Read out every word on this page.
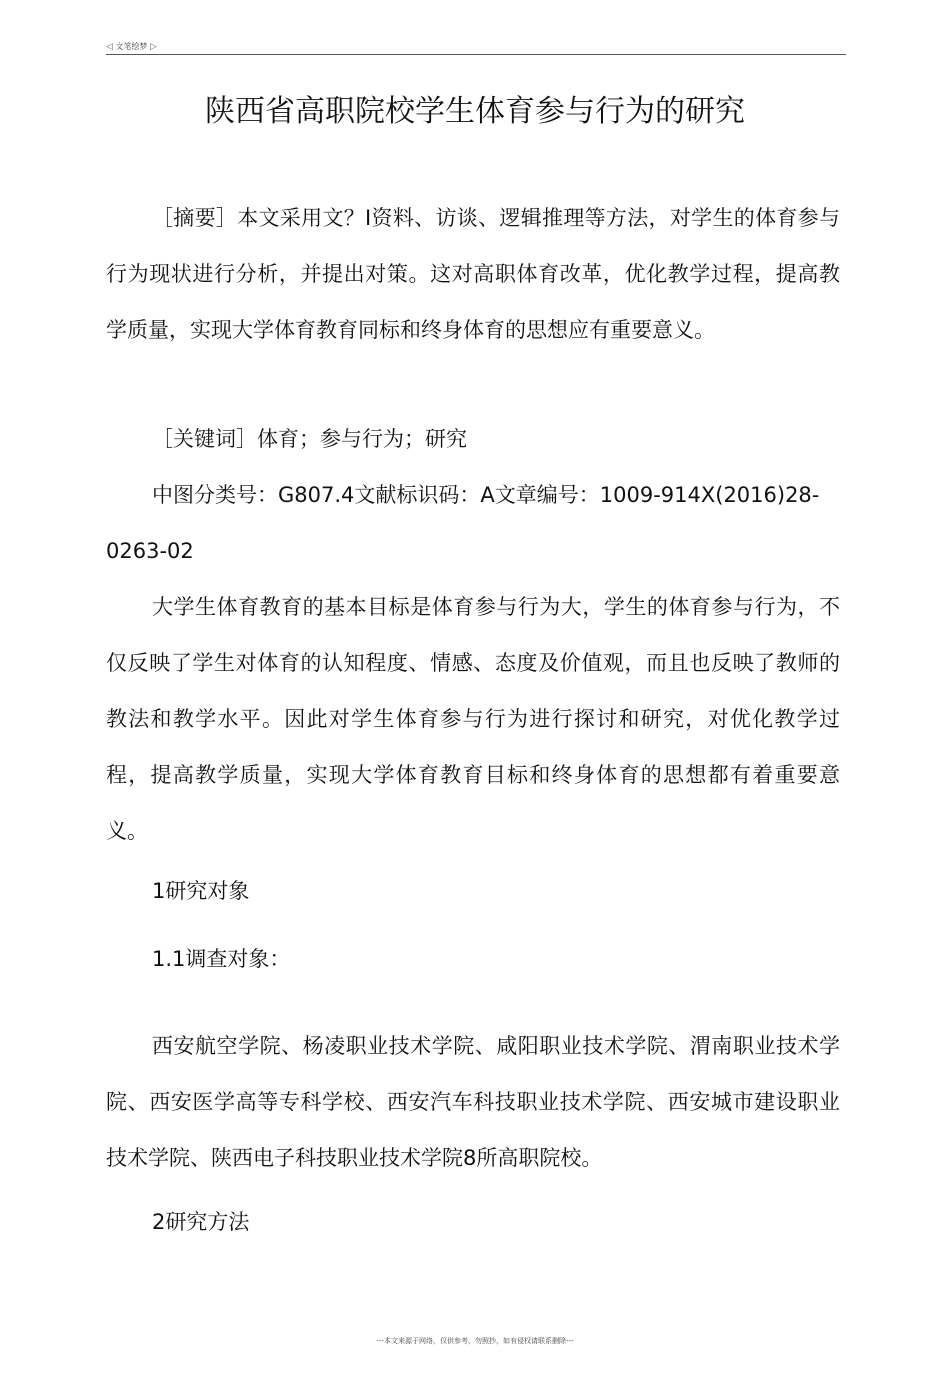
◁ 文笔绘梦 ▷
陕西省高职院校学生体育参与行为的研究

［摘要］本文采用文？I资料、访谈、逻辑推理等方法，对学生的体育参与行为现状进行分析，并提出对策。这对高职体育改革，优化教学过程，提高教学质量，实现大学体育教育同标和终身体育的思想应有重要意义。

［关键词］体育；参与行为；研究
中图分类号：G807.4文献标识码：A文章编号：1009-914X(2016)28-
0263-02

大学生体育教育的基本目标是体育参与行为大，学生的体育参与行为，不仅反映了学生对体育的认知程度、情感、态度及价值观，而且也反映了教师的教法和教学水平。因此对学生体育参与行为进行探讨和研究，对优化教学过程，提高教学质量，实现大学体育教育目标和终身体育的思想都有着重要意义。

1研究对象
1.1调查对象：

西安航空学院、杨凌职业技术学院、咸阳职业技术学院、渭南职业技术学院、西安医学高等专科学校、西安汽车科技职业技术学院、西安城市建设职业技术学院、陕西电子科技职业技术学院8所高职院校。

2研究方法
---本文来源于网络，仅供参考，勿照抄，如有侵权请联系删除---
